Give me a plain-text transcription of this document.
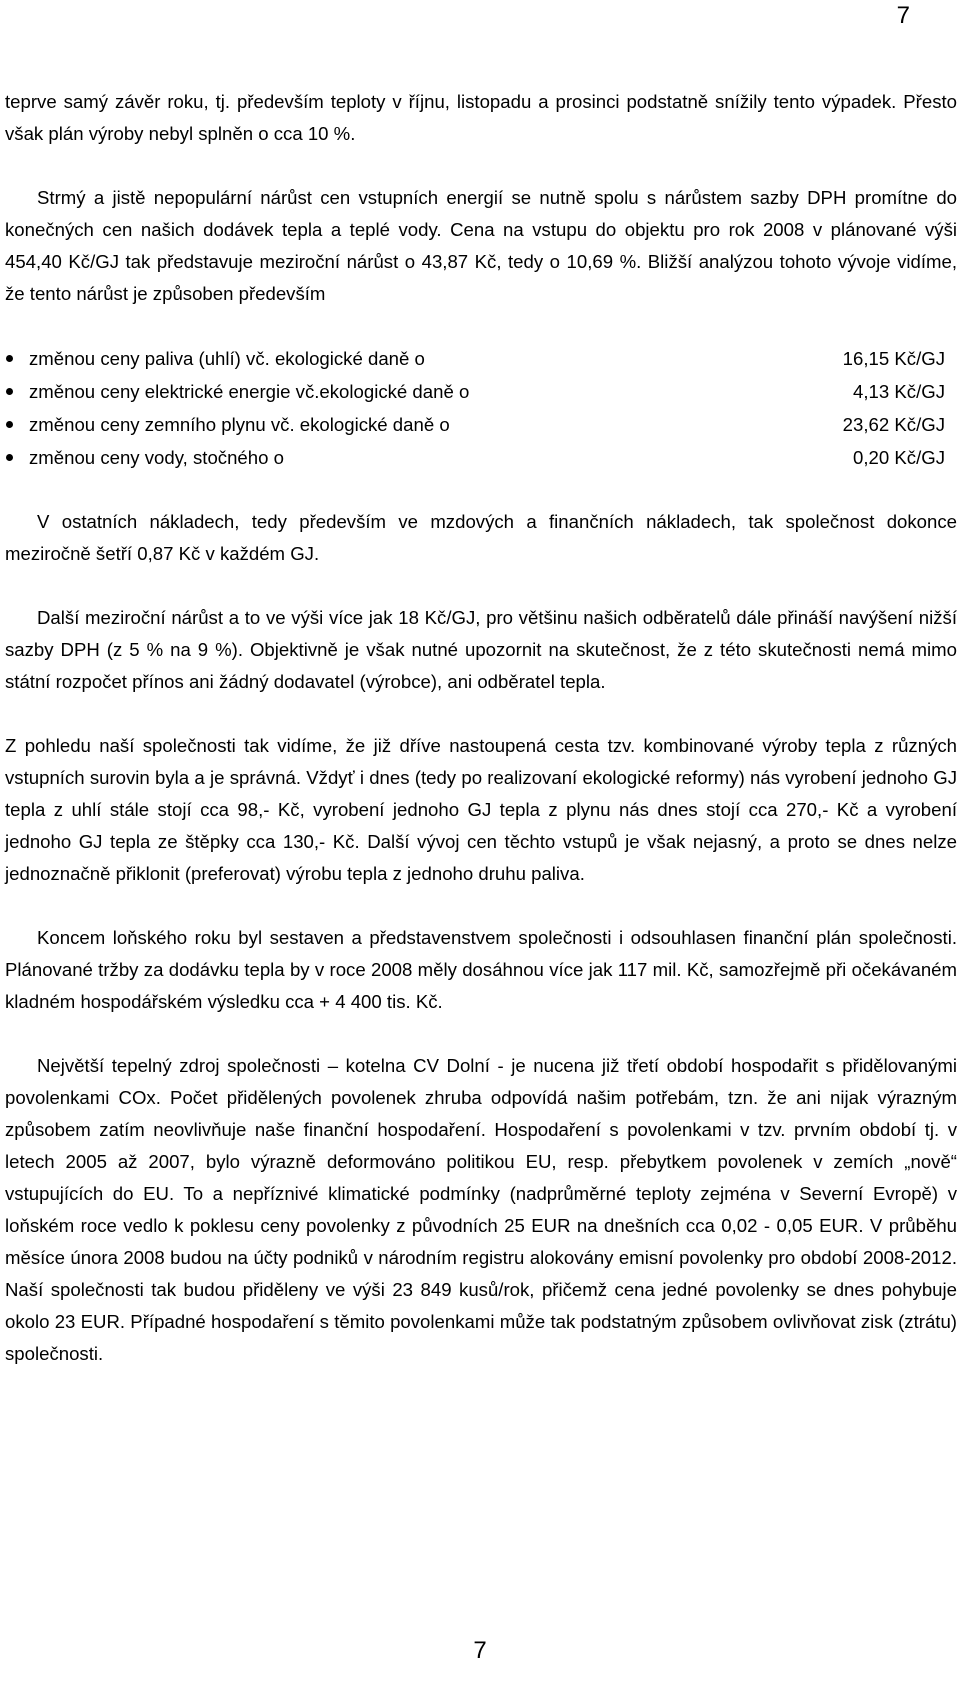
7

teprve samý závěr roku, tj. především teploty v říjnu, listopadu a prosinci podstatně snížily tento výpadek. Přesto však plán výroby nebyl splněn o cca 10 %.

Strmý a jistě nepopulární nárůst cen vstupních energií se nutně spolu s nárůstem sazby DPH promítne do konečných cen našich dodávek tepla a teplé vody. Cena na vstupu do objektu pro rok 2008 v plánované výši 454,40 Kč/GJ tak představuje meziroční nárůst o 43,87 Kč, tedy o 10,69 %. Bližší analýzou tohoto vývoje vidíme, že tento nárůst je způsoben především

změnou ceny paliva (uhlí) vč. ekologické daně o	16,15 Kč/GJ
změnou ceny elektrické energie vč.ekologické daně o	4,13 Kč/GJ
změnou ceny zemního plynu vč. ekologické daně o	23,62 Kč/GJ
změnou ceny vody, stočného o	0,20 Kč/GJ

V ostatních nákladech, tedy především ve mzdových a finančních nákladech, tak společnost dokonce meziročně šetří 0,87 Kč v každém GJ.

Další meziroční nárůst a to ve výši více jak 18 Kč/GJ, pro většinu našich odběratelů dále přináší navýšení nižší sazby DPH (z 5 % na 9 %). Objektivně je však nutné upozornit na skutečnost, že z této skutečnosti nemá mimo státní rozpočet přínos ani žádný dodavatel (výrobce), ani odběratel tepla.

Z pohledu naší společnosti tak vidíme, že již dříve nastoupená cesta tzv. kombinované výroby tepla z různých vstupních surovin byla a je správná. Vždyť i dnes (tedy po realizovaní ekologické reformy) nás vyrobení jednoho GJ tepla z uhlí stále stojí cca 98,- Kč, vyrobení jednoho GJ tepla z plynu nás dnes stojí cca 270,- Kč a vyrobení jednoho GJ tepla ze štěpky cca 130,- Kč. Další vývoj cen těchto vstupů je však nejasný, a proto se dnes nelze jednoznačně přiklonit (preferovat) výrobu tepla z jednoho druhu paliva.

Koncem loňského roku byl sestaven a představenstvem společnosti i odsouhlasen finanční plán společnosti. Plánované tržby za dodávku tepla by v roce 2008 měly dosáhnou více jak 117 mil. Kč, samozřejmě při očekávaném kladném hospodářském výsledku cca + 4 400 tis. Kč.

Největší tepelný zdroj společnosti – kotelna CV Dolní - je nucena již třetí období hospodařit s přidělovanými povolenkami COx. Počet přidělených povolenek zhruba odpovídá našim potřebám, tzn. že ani nijak výrazným způsobem zatím neovlivňuje naše finanční hospodaření. Hospodaření s povolenkami v tzv. prvním období tj. v letech 2005 až 2007, bylo výrazně deformováno politikou EU, resp. přebytkem povolenek v zemích „nově“ vstupujících do EU. To a nepříznivé klimatické podmínky (nadprůměrné teploty zejména v Severní Evropě) v loňském roce vedlo k poklesu ceny povolenky z původních 25 EUR na dnešních cca 0,02 - 0,05 EUR. V průběhu měsíce února 2008 budou na účty podniků v národním registru alokovány emisní povolenky pro období 2008-2012. Naší společnosti tak budou přiděleny ve výši 23 849 kusů/rok, přičemž cena jedné povolenky se dnes pohybuje okolo 23 EUR. Případné hospodaření s těmito povolenkami může tak podstatným způsobem ovlivňovat zisk (ztrátu) společnosti.

7
